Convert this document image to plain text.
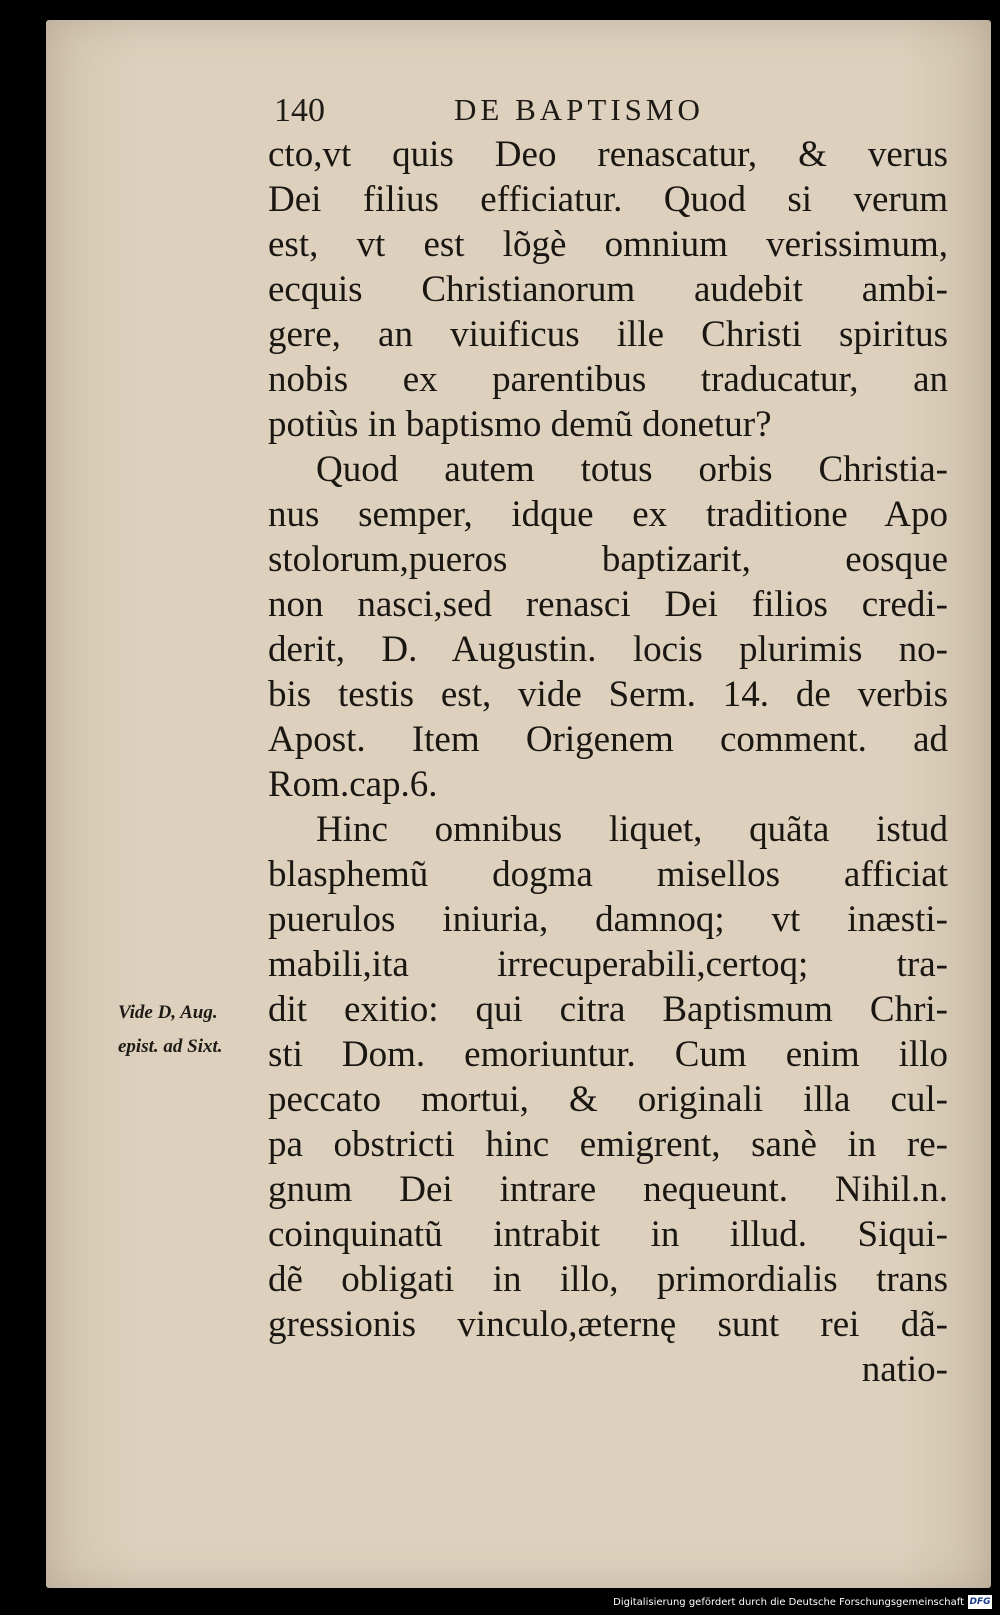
140	DE BAPTISMO
cto,vt quis Deo renascatur, & verus
Dei filius efficiatur. Quod si verum
est, vt est lõgè omnium verissimum,
ecquis Christianorum audebit ambi-
gere, an viuificus ille Christi spiritus
nobis ex parentibus traducatur, an
potiùs in baptismo demũ donetur?
Quod autem totus orbis Christia-
nus semper, idque ex traditione Apo
stolorum,pueros baptizarit, eosque
non nasci,sed renasci Dei filios credi-
derit, D. Augustin. locis plurimis no-
bis testis est, vide Serm. 14. de verbis
Apost. Item Origenem comment. ad
Rom.cap.6.
Hinc omnibus liquet, quãta istud
blasphemũ dogma misellos afficiat
puerulos iniuria, damnoq; vt inæsti-
mabili,ita irrecuperabili,certoq; tra-
dit exitio: qui citra Baptismum Chri-
sti Dom. emoriuntur. Cum enim illo
peccato mortui, & originali illa cul-
pa obstricti hinc emigrent, sanè in re-
gnum Dei intrare nequeunt. Nihil.n.
coinquinatũ intrabit in illud. Siqui-
dẽ obligati in illo, primordialis trans
gressionis vinculo,æternę sunt rei dã-
natio-
Vide D, Aug.
epist. ad Sixt.
Digitalisierung gefördert durch die Deutsche Forschungsgemeinschaft DFG
